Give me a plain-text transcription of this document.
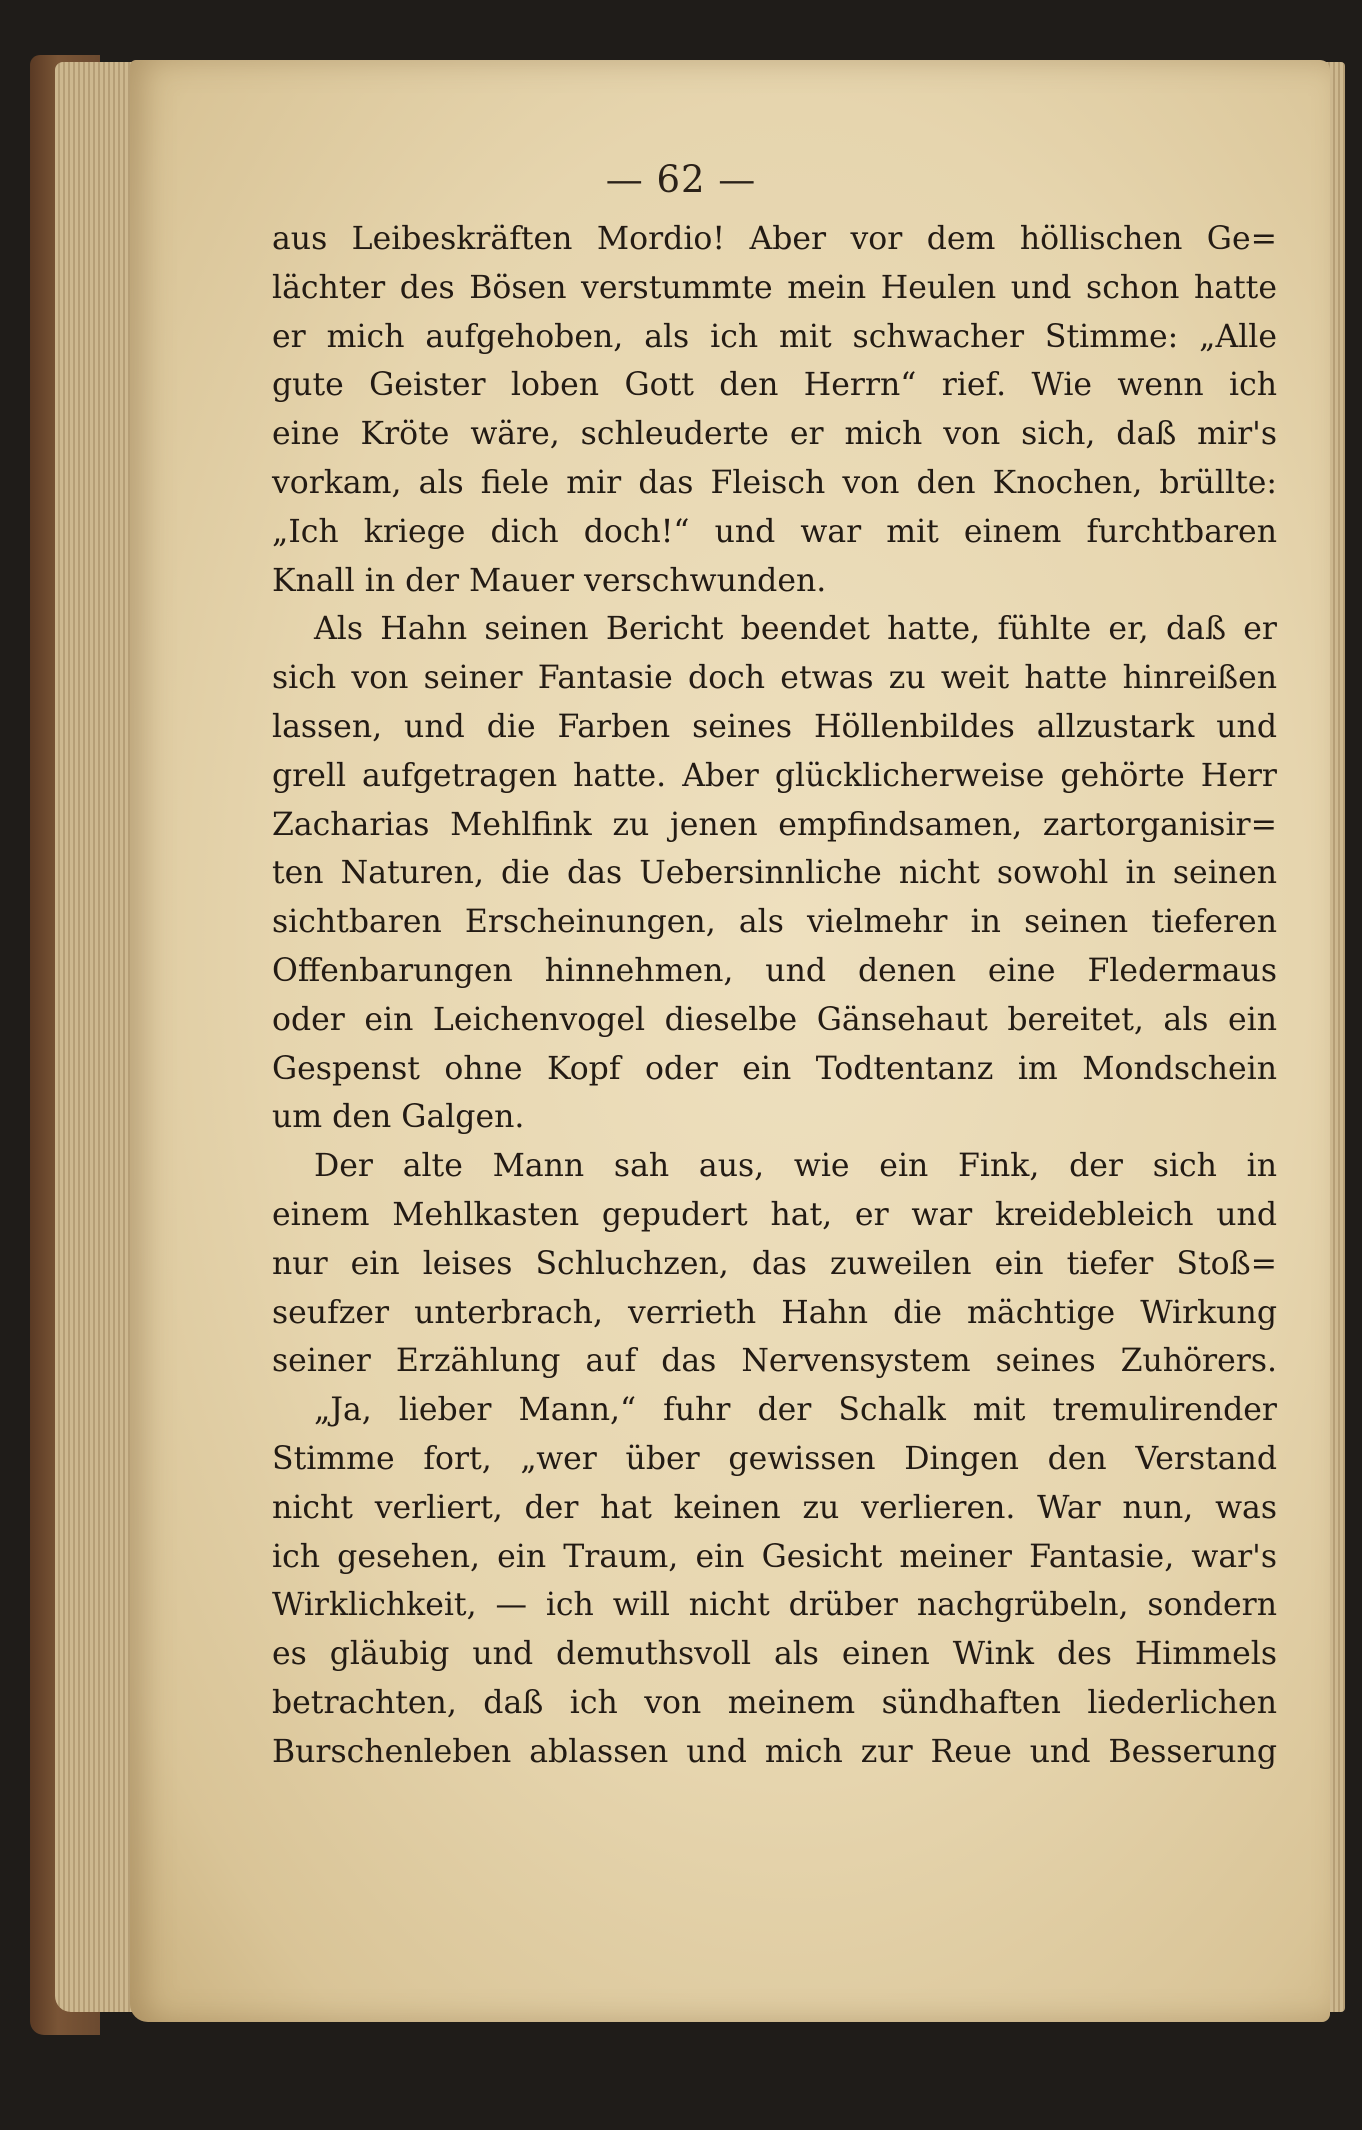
— 62 —
aus Leibeskräften Mordio! Aber vor dem höllischen Ge=
lächter des Bösen verstummte mein Heulen und schon hatte
er mich aufgehoben, als ich mit schwacher Stimme: „Alle
gute Geister loben Gott den Herrn“ rief. Wie wenn ich
eine Kröte wäre, schleuderte er mich von sich, daß mir's
vorkam, als fiele mir das Fleisch von den Knochen, brüllte:
„Ich kriege dich doch!“ und war mit einem furchtbaren
Knall in der Mauer verschwunden.
Als Hahn seinen Bericht beendet hatte, fühlte er, daß er
sich von seiner Fantasie doch etwas zu weit hatte hinreißen
lassen, und die Farben seines Höllenbildes allzustark und
grell aufgetragen hatte. Aber glücklicherweise gehörte Herr
Zacharias Mehlfink zu jenen empfindsamen, zartorganisir=
ten Naturen, die das Uebersinnliche nicht sowohl in seinen
sichtbaren Erscheinungen, als vielmehr in seinen tieferen
Offenbarungen hinnehmen, und denen eine Fledermaus
oder ein Leichenvogel dieselbe Gänsehaut bereitet, als ein
Gespenst ohne Kopf oder ein Todtentanz im Mondschein
um den Galgen.
Der alte Mann sah aus, wie ein Fink, der sich in
einem Mehlkasten gepudert hat, er war kreidebleich und
nur ein leises Schluchzen, das zuweilen ein tiefer Stoß=
seufzer unterbrach, verrieth Hahn die mächtige Wirkung
seiner Erzählung auf das Nervensystem seines Zuhörers.
„Ja, lieber Mann,“ fuhr der Schalk mit tremulirender
Stimme fort, „wer über gewissen Dingen den Verstand
nicht verliert, der hat keinen zu verlieren. War nun, was
ich gesehen, ein Traum, ein Gesicht meiner Fantasie, war's
Wirklichkeit, — ich will nicht drüber nachgrübeln, sondern
es gläubig und demuthsvoll als einen Wink des Himmels
betrachten, daß ich von meinem sündhaften liederlichen
Burschenleben ablassen und mich zur Reue und Besserung
